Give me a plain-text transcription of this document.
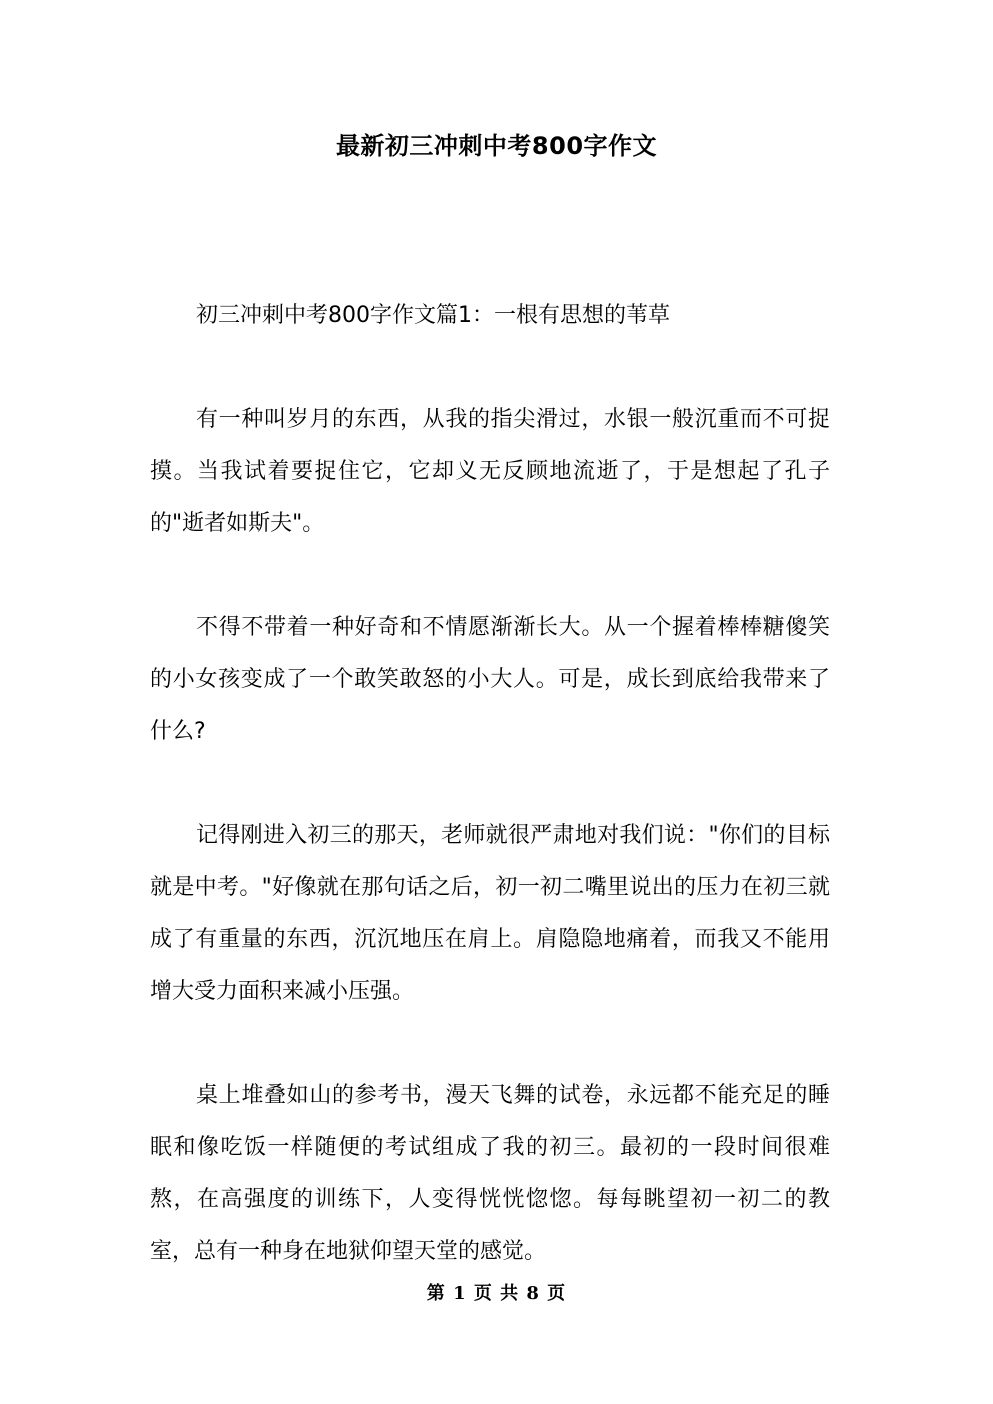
最新初三冲刺中考800字作文

初三冲刺中考800字作文篇1：一根有思想的苇草

有一种叫岁月的东西，从我的指尖滑过，水银一般沉重而不可捉摸。当我试着要捉住它，它却义无反顾地流逝了，于是想起了孔子的"逝者如斯夫"。

不得不带着一种好奇和不情愿渐渐长大。从一个握着棒棒糖傻笑的小女孩变成了一个敢笑敢怒的小大人。可是，成长到底给我带来了什么?

记得刚进入初三的那天，老师就很严肃地对我们说："你们的目标就是中考。"好像就在那句话之后，初一初二嘴里说出的压力在初三就成了有重量的东西，沉沉地压在肩上。肩隐隐地痛着，而我又不能用增大受力面积来减小压强。

桌上堆叠如山的参考书，漫天飞舞的试卷，永远都不能充足的睡眠和像吃饭一样随便的考试组成了我的初三。最初的一段时间很难熬，在高强度的训练下，人变得恍恍惚惚。每每眺望初一初二的教室，总有一种身在地狱仰望天堂的感觉。

第 1 页 共 8 页
